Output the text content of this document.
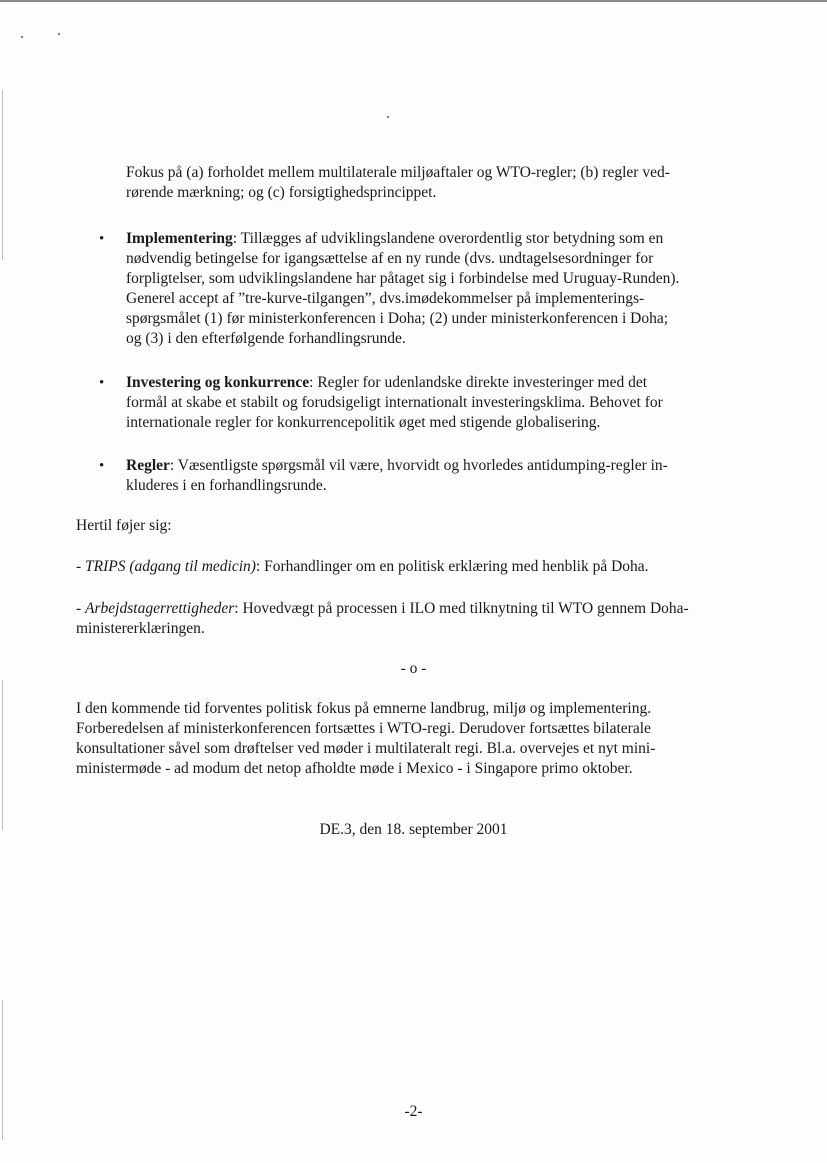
Fokus på (a) forholdet mellem multilaterale miljøaftaler og WTO-regler; (b) regler ved-
rørende mærkning; og (c) forsigtighedsprincippet.
• Implementering: Tillægges af udviklingslandene overordentlig stor betydning som en
nødvendig betingelse for igangsættelse af en ny runde (dvs. undtagelsesordninger for
forpligtelser, som udviklingslandene har påtaget sig i forbindelse med Uruguay-Runden).
Generel accept af ”tre-kurve-tilgangen”, dvs.imødekommelser på implementerings-
spørgsmålet (1) før ministerkonferencen i Doha; (2) under ministerkonferencen i Doha;
og (3) i den efterfølgende forhandlingsrunde.
• Investering og konkurrence: Regler for udenlandske direkte investeringer med det
formål at skabe et stabilt og forudsigeligt internationalt investeringsklima. Behovet for
internationale regler for konkurrencepolitik øget med stigende globalisering.
• Regler: Væsentligste spørgsmål vil være, hvorvidt og hvorledes antidumping-regler in-
kluderes i en forhandlingsrunde.
Hertil føjer sig:
- TRIPS (adgang til medicin): Forhandlinger om en politisk erklæring med henblik på Doha.
- Arbejdstagerrettigheder: Hovedvægt på processen i ILO med tilknytning til WTO gennem Doha-
ministererklæringen.
- o -
I den kommende tid forventes politisk fokus på emnerne landbrug, miljø og implementering.
Forberedelsen af ministerkonferencen fortsættes i WTO-regi. Derudover fortsættes bilaterale
konsultationer såvel som drøftelser ved møder i multilateralt regi. Bl.a. overvejes et nyt mini-
ministermøde - ad modum det netop afholdte møde i Mexico - i Singapore primo oktober.
DE.3, den 18. september 2001
-2-
